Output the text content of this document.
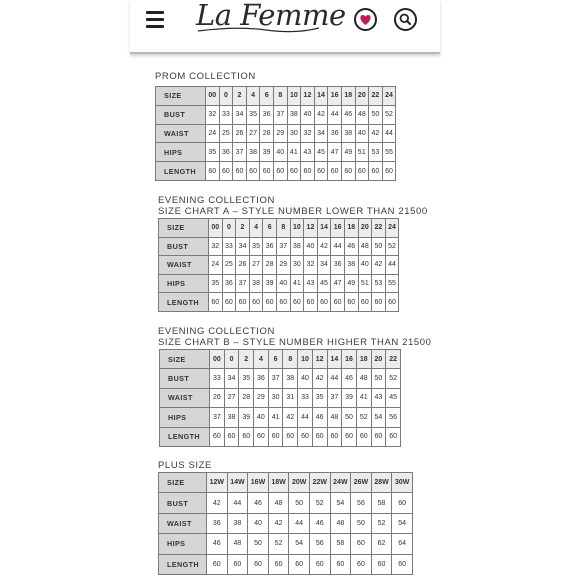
La Femme
PROM COLLECTION
SIZE	00	0	2	4	6	8	10	12	14	16	18	20	22	24
BUST	32	33	34	35	36	37	38	40	42	44	46	48	50	52
WAIST	24	25	26	27	28	29	30	32	34	36	38	40	42	44
HIPS	35	36	37	38	39	40	41	43	45	47	49	51	53	55
LENGTH	60	60	60	60	60	60	60	60	60	60	60	60	60	60
EVENING COLLECTION
SIZE CHART A – STYLE NUMBER LOWER THAN 21500
SIZE	00	0	2	4	6	8	10	12	14	16	18	20	22	24
BUST	32	33	34	35	36	37	38	40	42	44	46	48	50	52
WAIST	24	25	26	27	28	29	30	32	34	36	38	40	42	44
HIPS	35	36	37	38	39	40	41	43	45	47	49	51	53	55
LENGTH	60	60	60	60	60	60	60	60	60	60	60	60	60	60
EVENING COLLECTION
SIZE CHART B – STYLE NUMBER HIGHER THAN 21500
SIZE	00	0	2	4	6	8	10	12	14	16	18	20	22
BUST	33	34	35	36	37	38	40	42	44	46	48	50	52
WAIST	26	27	28	29	30	31	33	35	37	39	41	43	45
HIPS	37	38	39	40	41	42	44	46	48	50	52	54	56
LENGTH	60	60	60	60	60	60	60	60	60	60	60	60	60
PLUS SIZE
SIZE	12W	14W	16W	18W	20W	22W	24W	26W	28W	30W
BUST	42	44	46	48	50	52	54	56	58	60
WAIST	36	38	40	42	44	46	48	50	52	54
HIPS	46	48	50	52	54	56	58	60	62	64
LENGTH	60	60	60	60	60	60	60	60	60	60
